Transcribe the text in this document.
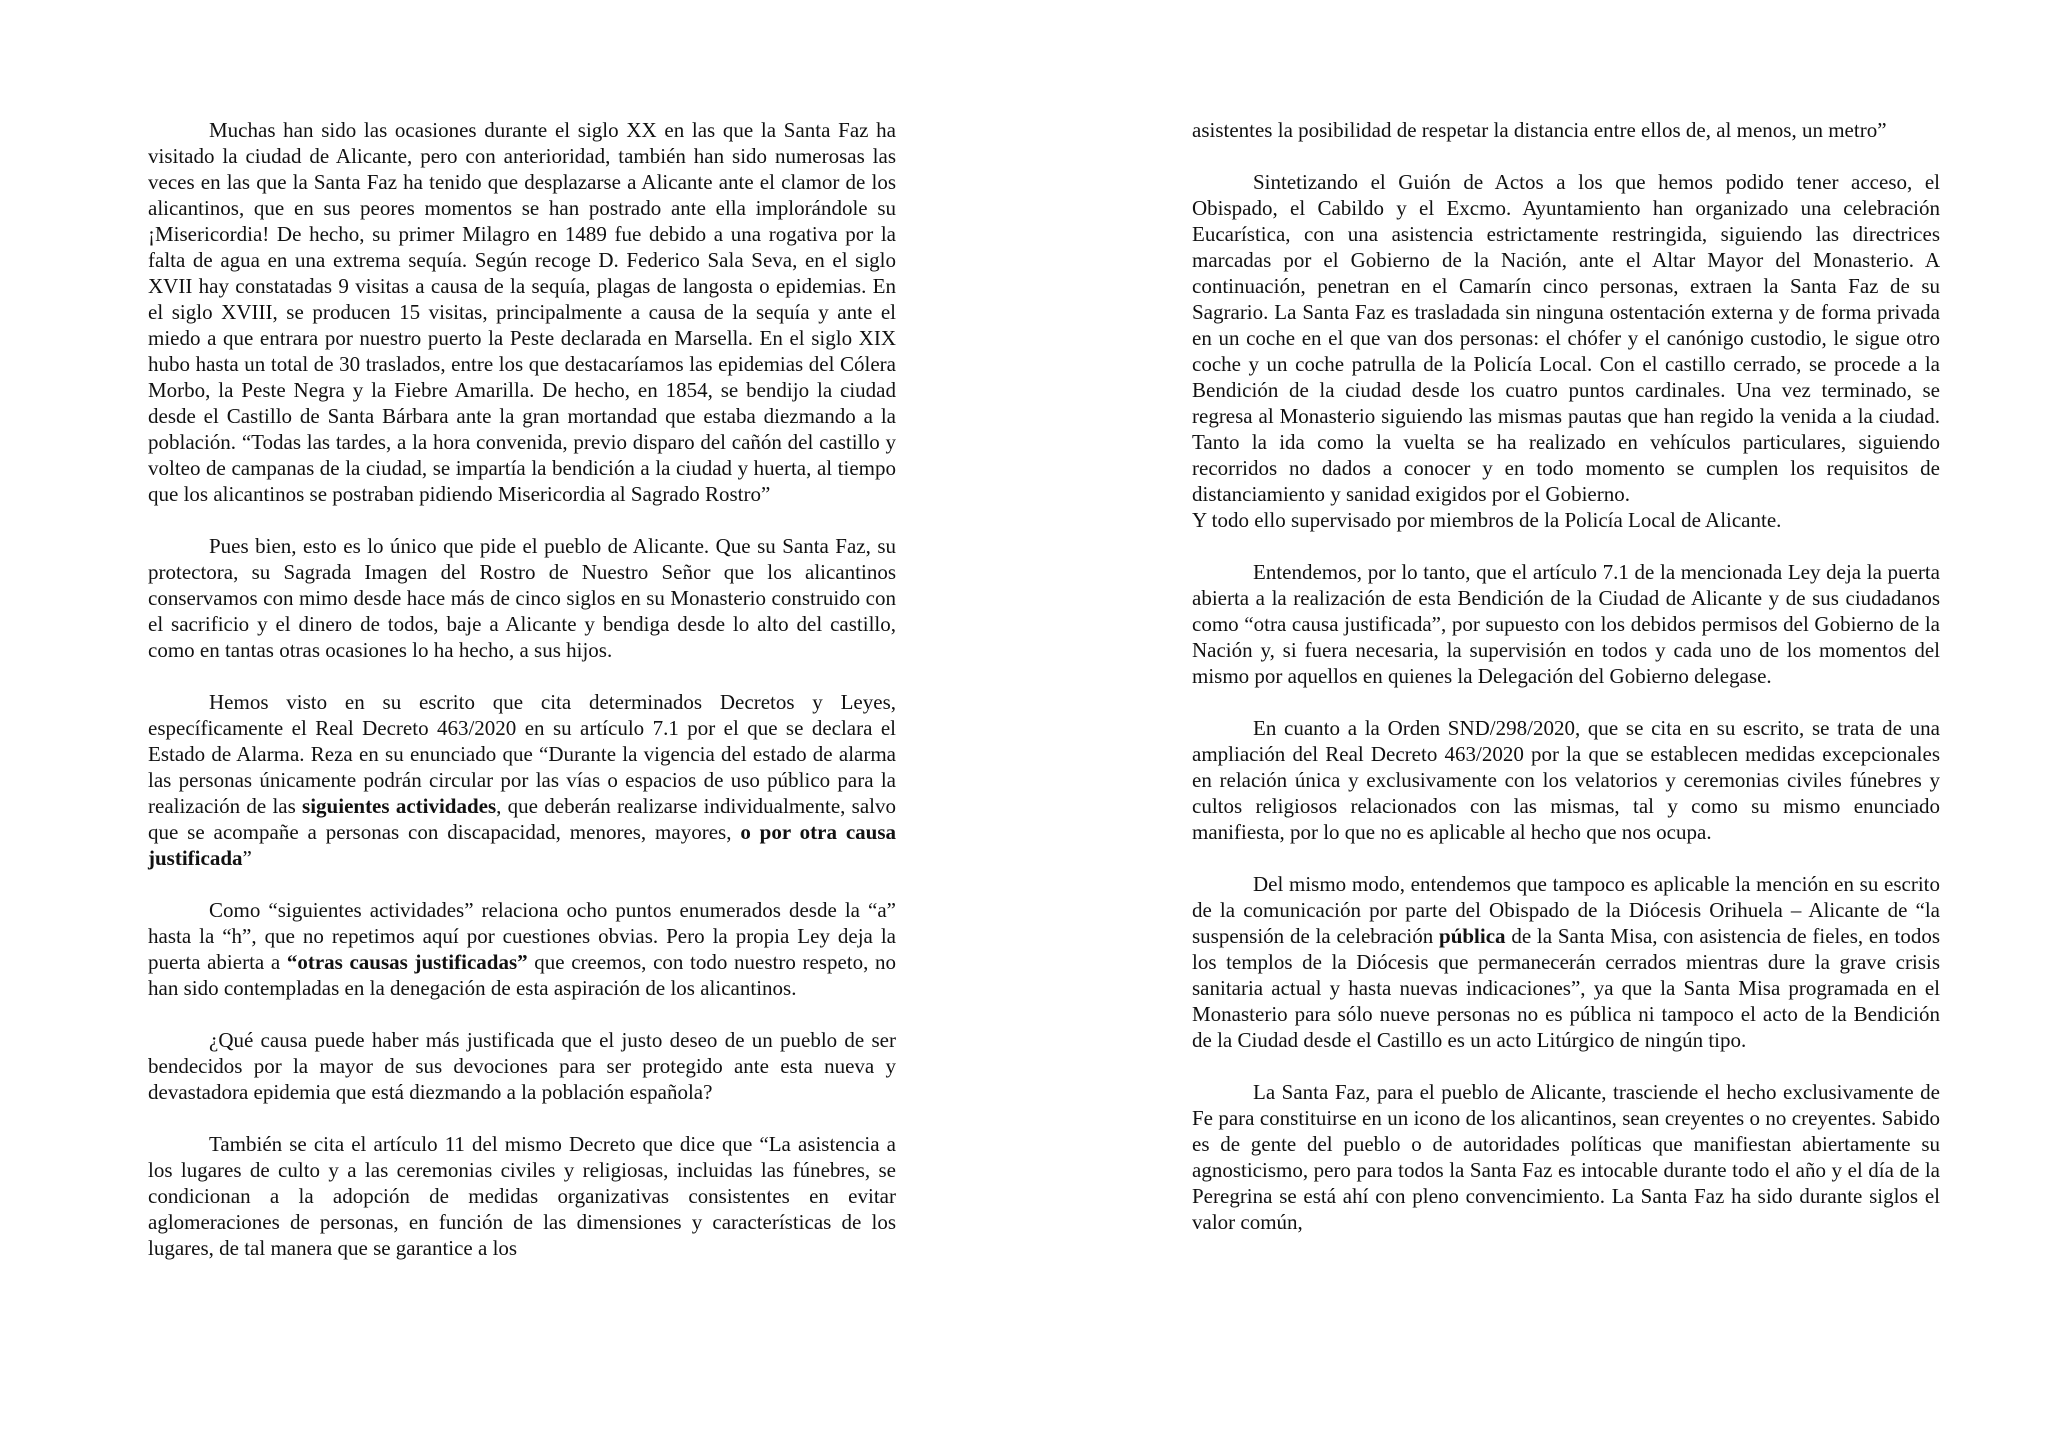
Muchas han sido las ocasiones durante el siglo XX en las que la Santa Faz ha visitado la ciudad de Alicante, pero con anterioridad, también han sido numerosas las veces en las que la Santa Faz ha tenido que desplazarse a Alicante ante el clamor de los alicantinos, que en sus peores momentos se han postrado ante ella implorándole su ¡Misericordia! De hecho, su primer Milagro en 1489 fue debido a una rogativa por la falta de agua en una extrema sequía. Según recoge D. Federico Sala Seva, en el siglo XVII hay constatadas 9 visitas a causa de la sequía, plagas de langosta o epidemias. En el siglo XVIII, se producen 15 visitas, principalmente a causa de la sequía y ante el miedo a que entrara por nuestro puerto la Peste declarada en Marsella. En el siglo XIX hubo hasta un total de 30 traslados, entre los que destacaríamos las epidemias del Cólera Morbo, la Peste Negra y la Fiebre Amarilla. De hecho, en 1854, se bendijo la ciudad desde el Castillo de Santa Bárbara ante la gran mortandad que estaba diezmando a la población. “Todas las tardes, a la hora convenida, previo disparo del cañón del castillo y volteo de campanas de la ciudad, se impartía la bendición a la ciudad y huerta, al tiempo que los alicantinos se postraban pidiendo Misericordia al Sagrado Rostro”

Pues bien, esto es lo único que pide el pueblo de Alicante. Que su Santa Faz, su protectora, su Sagrada Imagen del Rostro de Nuestro Señor que los alicantinos conservamos con mimo desde hace más de cinco siglos en su Monasterio construido con el sacrificio y el dinero de todos, baje a Alicante y bendiga desde lo alto del castillo, como en tantas otras ocasiones lo ha hecho, a sus hijos.

Hemos visto en su escrito que cita determinados Decretos y Leyes, específicamente el Real Decreto 463/2020 en su artículo 7.1 por el que se declara el Estado de Alarma. Reza en su enunciado que “Durante la vigencia del estado de alarma las personas únicamente podrán circular por las vías o espacios de uso público para la realización de las siguientes actividades, que deberán realizarse individualmente, salvo que se acompañe a personas con discapacidad, menores, mayores, o por otra causa justificada”

Como “siguientes actividades” relaciona ocho puntos enumerados desde la “a” hasta la “h”, que no repetimos aquí por cuestiones obvias. Pero la propia Ley deja la puerta abierta a “otras causas justificadas” que creemos, con todo nuestro respeto, no han sido contempladas en la denegación de esta aspiración de los alicantinos.

¿Qué causa puede haber más justificada que el justo deseo de un pueblo de ser bendecidos por la mayor de sus devociones para ser protegido ante esta nueva y devastadora epidemia que está diezmando a la población española?

También se cita el artículo 11 del mismo Decreto que dice que “La asistencia a los lugares de culto y a las ceremonias civiles y religiosas, incluidas las fúnebres, se condicionan a la adopción de medidas organizativas consistentes en evitar aglomeraciones de personas, en función de las dimensiones y características de los lugares, de tal manera que se garantice a los

asistentes la posibilidad de respetar la distancia entre ellos de, al menos, un metro”

Sintetizando el Guión de Actos a los que hemos podido tener acceso, el Obispado, el Cabildo y el Excmo. Ayuntamiento han organizado una celebración Eucarística, con una asistencia estrictamente restringida, siguiendo las directrices marcadas por el Gobierno de la Nación, ante el Altar Mayor del Monasterio. A continuación, penetran en el Camarín cinco personas, extraen la Santa Faz de su Sagrario. La Santa Faz es trasladada sin ninguna ostentación externa y de forma privada en un coche en el que van dos personas: el chófer y el canónigo custodio, le sigue otro coche y un coche patrulla de la Policía Local. Con el castillo cerrado, se procede a la Bendición de la ciudad desde los cuatro puntos cardinales. Una vez terminado, se regresa al Monasterio siguiendo las mismas pautas que han regido la venida a la ciudad. Tanto la ida como la vuelta se ha realizado en vehículos particulares, siguiendo recorridos no dados a conocer y en todo momento se cumplen los requisitos de distanciamiento y sanidad exigidos por el Gobierno.

Y todo ello supervisado por miembros de la Policía Local de Alicante.

Entendemos, por lo tanto, que el artículo 7.1 de la mencionada Ley deja la puerta abierta a la realización de esta Bendición de la Ciudad de Alicante y de sus ciudadanos como “otra causa justificada”, por supuesto con los debidos permisos del Gobierno de la Nación y, si fuera necesaria, la supervisión en todos y cada uno de los momentos del mismo por aquellos en quienes la Delegación del Gobierno delegase.

En cuanto a la Orden SND/298/2020, que se cita en su escrito, se trata de una ampliación del Real Decreto 463/2020 por la que se establecen medidas excepcionales en relación única y exclusivamente con los velatorios y ceremonias civiles fúnebres y cultos religiosos relacionados con las mismas, tal y como su mismo enunciado manifiesta, por lo que no es aplicable al hecho que nos ocupa.

Del mismo modo, entendemos que tampoco es aplicable la mención en su escrito de la comunicación por parte del Obispado de la Diócesis Orihuela – Alicante de “la suspensión de la celebración pública de la Santa Misa, con asistencia de fieles, en todos los templos de la Diócesis que permanecerán cerrados mientras dure la grave crisis sanitaria actual y hasta nuevas indicaciones”, ya que la Santa Misa programada en el Monasterio para sólo nueve personas no es pública ni tampoco el acto de la Bendición de la Ciudad desde el Castillo es un acto Litúrgico de ningún tipo.

La Santa Faz, para el pueblo de Alicante, trasciende el hecho exclusivamente de Fe para constituirse en un icono de los alicantinos, sean creyentes o no creyentes. Sabido es de gente del pueblo o de autoridades políticas que manifiestan abiertamente su agnosticismo, pero para todos la Santa Faz es intocable durante todo el año y el día de la Peregrina se está ahí con pleno convencimiento. La Santa Faz ha sido durante siglos el valor común,
